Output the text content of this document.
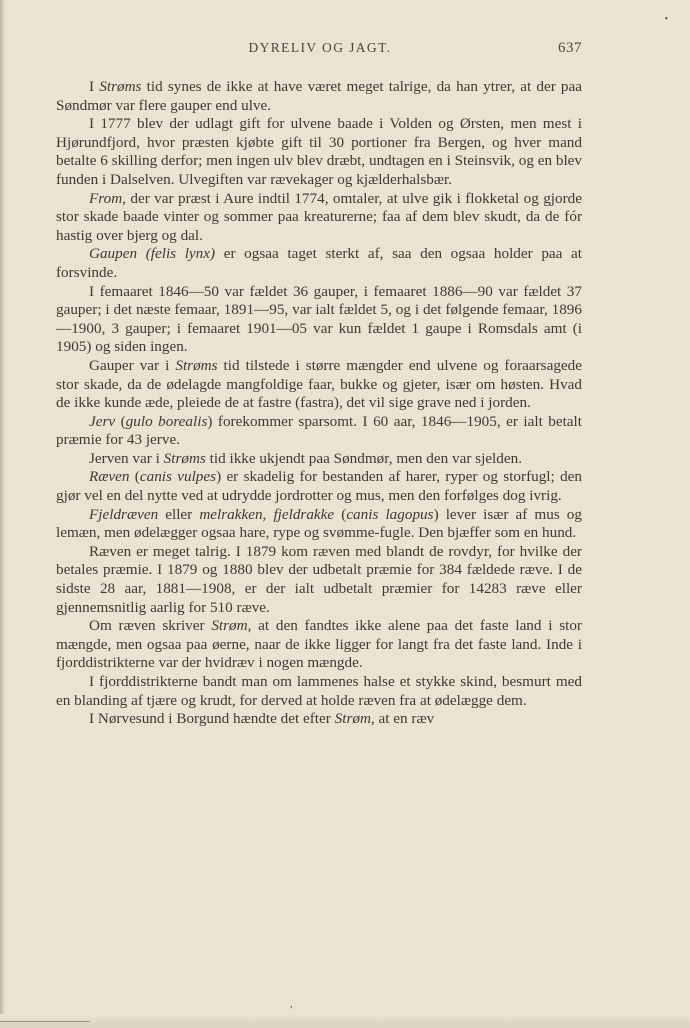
•
DYRELIV OG JAGT.	637

I Strøms tid synes de ikke at have været meget talrige, da han ytrer, at der paa Søndmør var flere gauper end ulve.

I 1777 blev der udlagt gift for ulvene baade i Volden og Ørsten, men mest i Hjørundfjord, hvor præsten kjøbte gift til 30 portioner fra Bergen, og hver mand betalte 6 skilling derfor; men ingen ulv blev dræbt, undtagen en i Steinsvik, og en blev funden i Dalselven. Ulvegiften var rævekager og kjælderhalsbær.

From, der var præst i Aure indtil 1774, omtaler, at ulve gik i flokketal og gjorde stor skade baade vinter og sommer paa kreaturerne; faa af dem blev skudt, da de fór hastig over bjerg og dal.

Gaupen (felis lynx) er ogsaa taget sterkt af, saa den ogsaa holder paa at forsvinde.

I femaaret 1846—50 var fældet 36 gauper, i femaaret 1886—90 var fældet 37 gauper; i det næste femaar, 1891—95, var ialt fældet 5, og i det følgende femaar, 1896—1900, 3 gauper; i femaaret 1901—05 var kun fældet 1 gaupe i Romsdals amt (i 1905) og siden ingen.

Gauper var i Strøms tid tilstede i større mængder end ulvene og foraarsagede stor skade, da de ødelagde mangfoldige faar, bukke og gjeter, især om høsten. Hvad de ikke kunde æde, pleiede de at fastre (fastra), det vil sige grave ned i jorden.

Jerv (gulo borealis) forekommer sparsomt. I 60 aar, 1846—1905, er ialt betalt præmie for 43 jerve.

Jerven var i Strøms tid ikke ukjendt paa Søndmør, men den var sjelden.

Ræven (canis vulpes) er skadelig for bestanden af harer, ryper og storfugl; den gjør vel en del nytte ved at udrydde jordrotter og mus, men den forfølges dog ivrig.

Fjeldræven eller melrakken, fjeldrakke (canis lagopus) lever især af mus og lemæn, men ødelægger ogsaa hare, rype og svømme-fugle. Den bjæffer som en hund.

Ræven er meget talrig. I 1879 kom ræven med blandt de rovdyr, for hvilke der betales præmie. I 1879 og 1880 blev der udbetalt præmie for 384 fældede ræve. I de sidste 28 aar, 1881—1908, er der ialt udbetalt præmier for 14283 ræve eller gjennemsnitlig aarlig for 510 ræve.

Om ræven skriver Strøm, at den fandtes ikke alene paa det faste land i stor mængde, men ogsaa paa øerne, naar de ikke ligger for langt fra det faste land. Inde i fjorddistrikterne var der hvidræv i nogen mængde.

I fjorddistrikterne bandt man om lammenes halse et stykke skind, besmurt med en blanding af tjære og krudt, for derved at holde ræven fra at ødelægge dem.

I Nørvesund i Borgund hændte det efter Strøm, at en ræv

,
